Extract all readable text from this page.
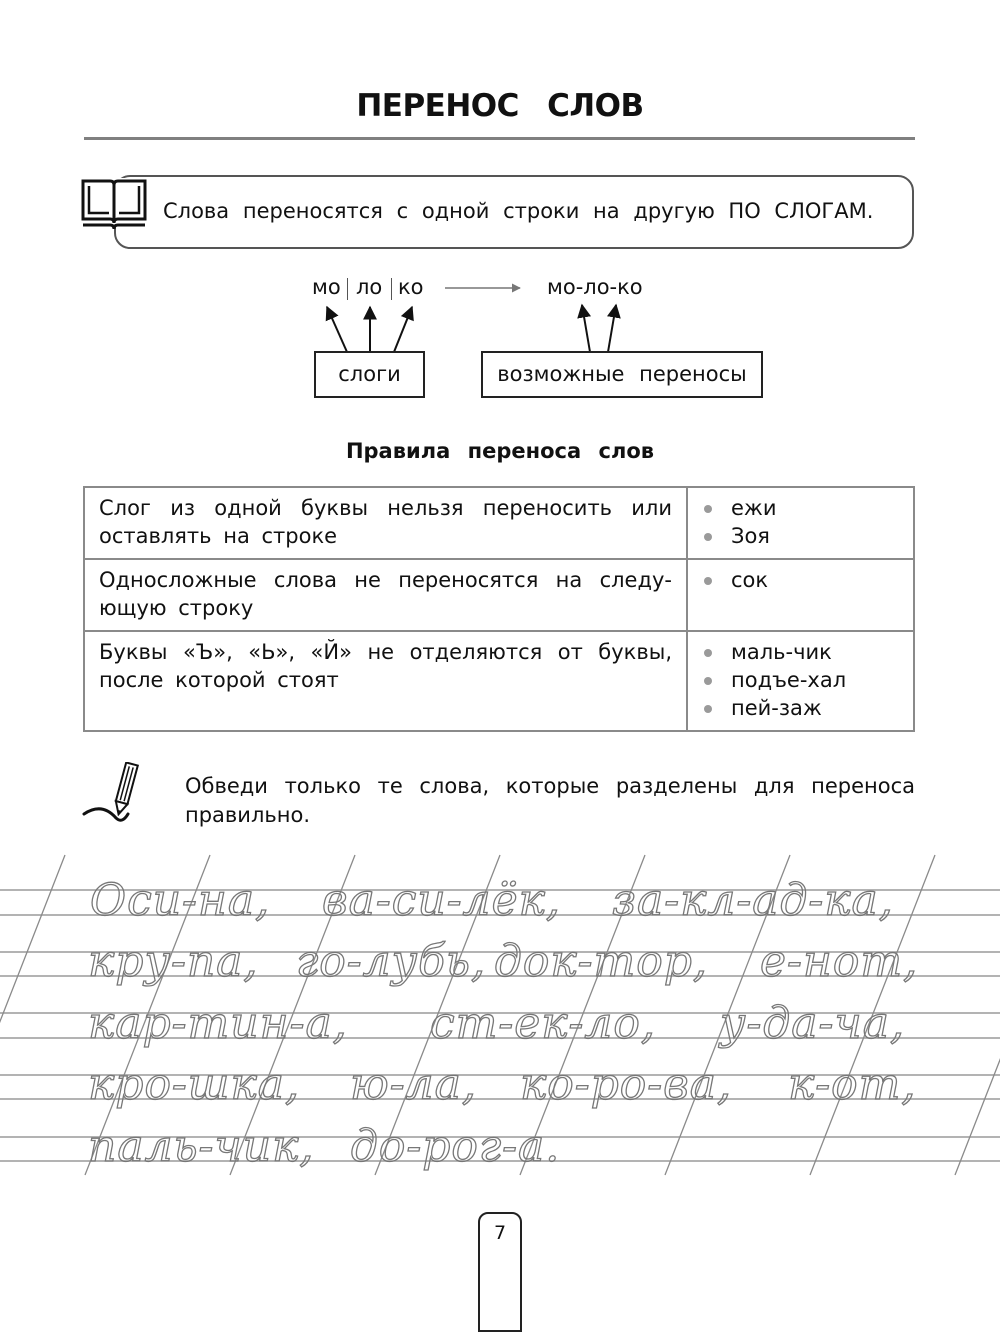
ПЕРЕНОС СЛОВ
Слова переносятся с одной строки на другую ПО СЛОГАМ.
мо ло ко	мо-ло-ко
слоги	возможные переносы
Правила переноса слов
Слог из одной буквы нельзя переносить или оставлять на строке	ежи
Зоя

Односложные слова не переносятся на следу-ющую строку	сок

Буквы «Ъ», «Ь», «Й» не отделяются от буквы, после которой стоят	маль-чик
подъе-хал
пей-заж
Обведи только те слова, которые разделены для переноса правильно.
Оси-на, ва-си-лёк, за-кл-ад-ка,
кру-па, го-лубь, док-тор, е-нот,
кар-тин-а, ст-ек-ло, у-да-ча,
кро-шка, ю-ла, ко-ро-ва, к-от,
паль-чик, до-рог-а.
7
